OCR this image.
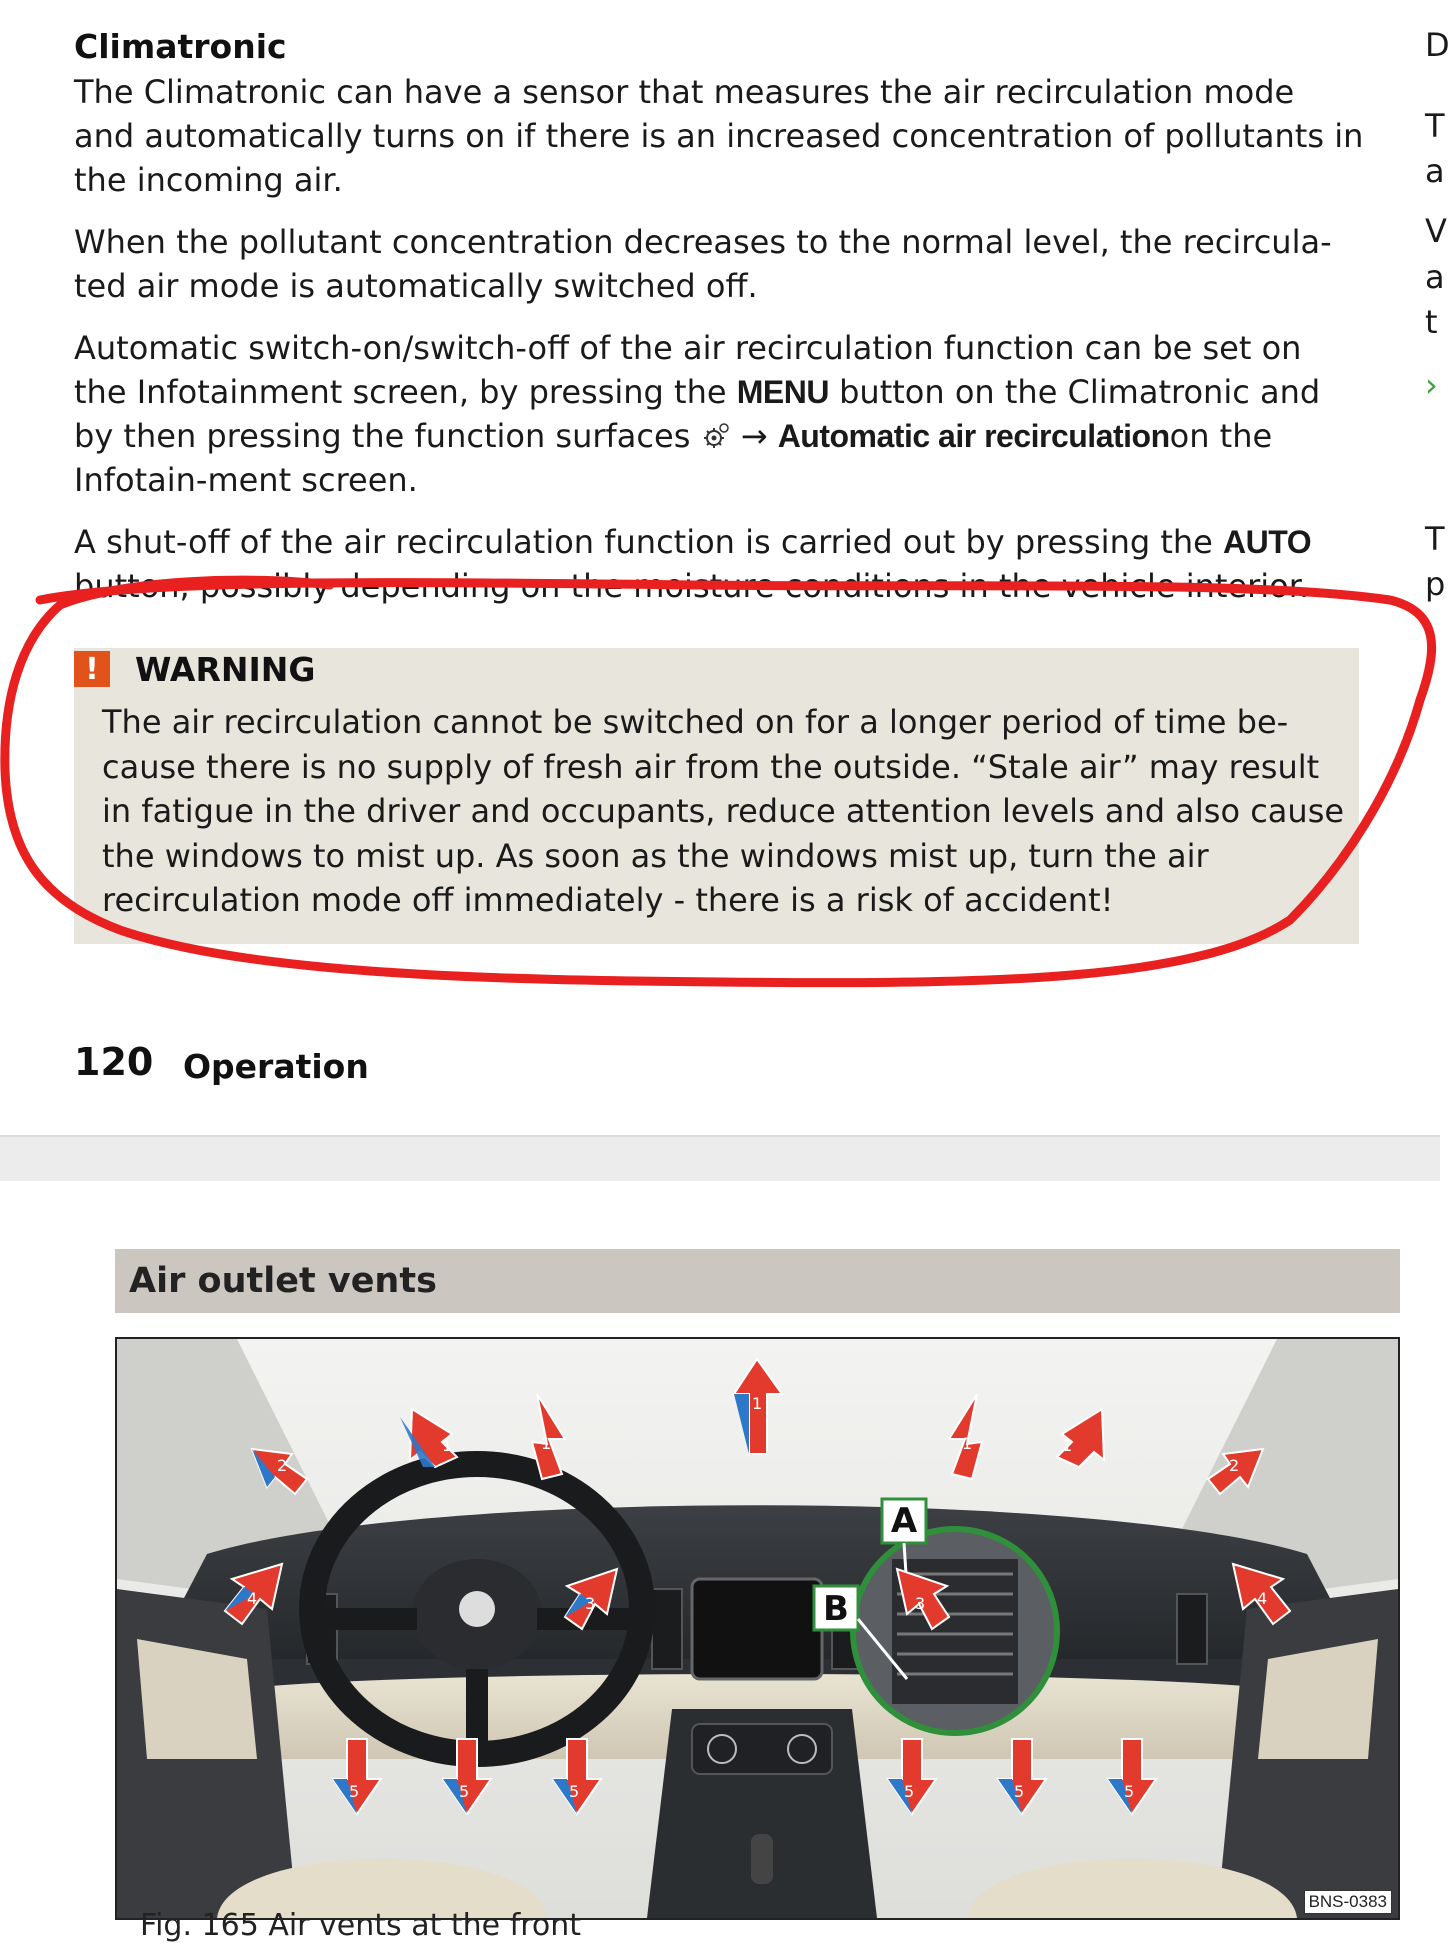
Climatronic

The Climatronic can have a sensor that measures the air recirculation mode and automatically turns on if there is an increased concentration of pollutants in the incoming air.

When the pollutant concentration decreases to the normal level, the recircula-ted air mode is automatically switched off.

Automatic switch-on/switch-off of the air recirculation function can be set on the Infotainment screen, by pressing the MENU button on the Climatronic and by then pressing the function surfaces  → Automatic air recirculationon the Infotain-ment screen.

A shut-off of the air recirculation function is carried out by pressing the AUTO

button, possibly depending on the moisture conditions in the vehicle interior.

!	WARNING
The air recirculation cannot be switched on for a longer period of time be-cause there is no supply of fresh air from the outside. “Stale air” may result in fatigue in the driver and occupants, reduce attention levels and also cause the windows to mist up. As soon as the windows mist up, turn the air recirculation mode off immediately - there is a risk of accident!
120 Operation
D
T
a
V
a
t
›
T
p
Air outlet vents
A
B
1	1
1
1	1
2	2
3	3
4	4
5	5	5	5	5	5
BNS-0383
Fig. 165 Air vents at the front
